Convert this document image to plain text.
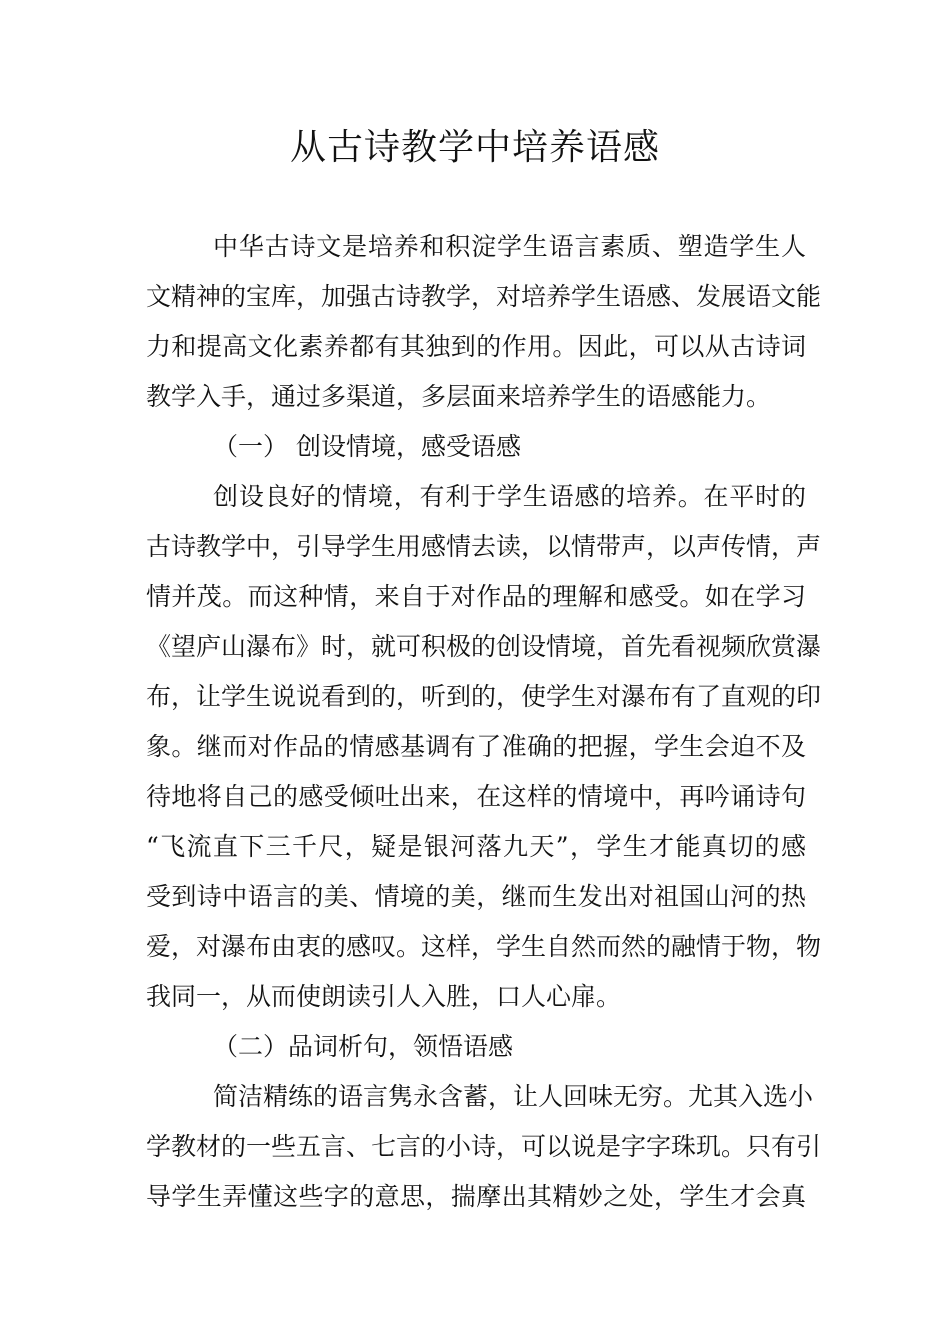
从古诗教学中培养语感

中华古诗文是培养和积淀学生语言素质、塑造学生人

文精神的宝库，加强古诗教学，对培养学生语感、发展语文能

力和提高文化素养都有其独到的作用。因此，可以从古诗词

教学入手，通过多渠道，多层面来培养学生的语感能力。

（一） 创设情境，感受语感

创设良好的情境，有利于学生语感的培养。在平时的

古诗教学中，引导学生用感情去读，以情带声，以声传情，声

情并茂。而这种情，来自于对作品的理解和感受。如在学习

《望庐山瀑布》时，就可积极的创设情境，首先看视频欣赏瀑

布，让学生说说看到的，听到的，使学生对瀑布有了直观的印

象。继而对作品的情感基调有了准确的把握，学生会迫不及

待地将自己的感受倾吐出来，在这样的情境中，再吟诵诗句

“飞流直下三千尺，疑是银河落九天”，学生才能真切的感

受到诗中语言的美、情境的美，继而生发出对祖国山河的热

爱，对瀑布由衷的感叹。这样，学生自然而然的融情于物，物

我同一，从而使朗读引人入胜，口人心扉。

（二）品词析句，领悟语感

简洁精练的语言隽永含蓄，让人回味无穷。尤其入选小

学教材的一些五言、七言的小诗，可以说是字字珠玑。只有引

导学生弄懂这些字的意思，揣摩出其精妙之处，学生才会真
